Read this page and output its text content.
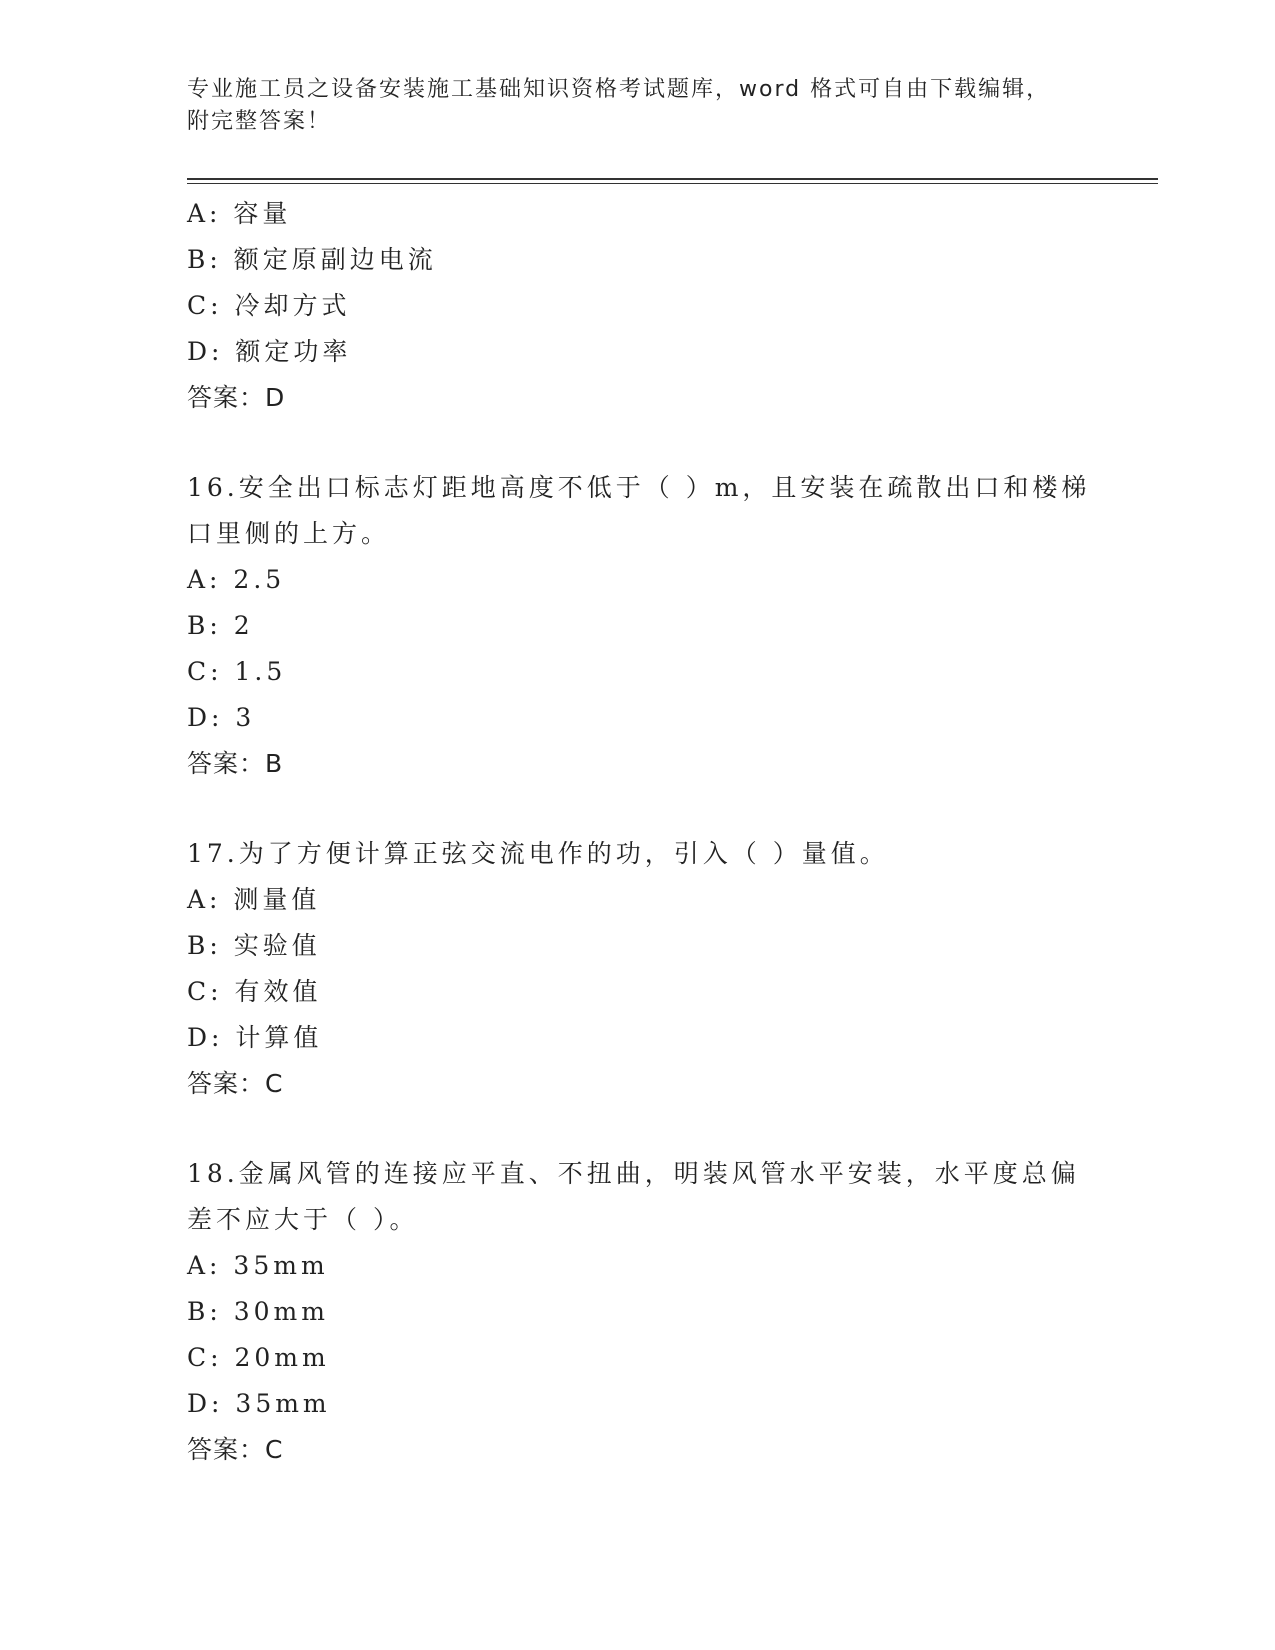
专业施工员之设备安装施工基础知识资格考试题库，word 格式可自由下载编辑，
附完整答案！
A: 容量
B: 额定原副边电流
C: 冷却方式
D: 额定功率
答案：D
16.安全出口标志灯距地高度不低于（ ）m，且安装在疏散出口和楼梯
口里侧的上方。
A: 2.5
B: 2
C: 1.5
D: 3
答案：B
17.为了方便计算正弦交流电作的功，引入（ ）量值。
A: 测量值
B: 实验值
C: 有效值
D: 计算值
答案：C
18.金属风管的连接应平直、不扭曲，明装风管水平安装，水平度总偏
差不应大于（ ）。
A: 35mm
B: 30mm
C: 20mm
D: 35mm
答案：C
